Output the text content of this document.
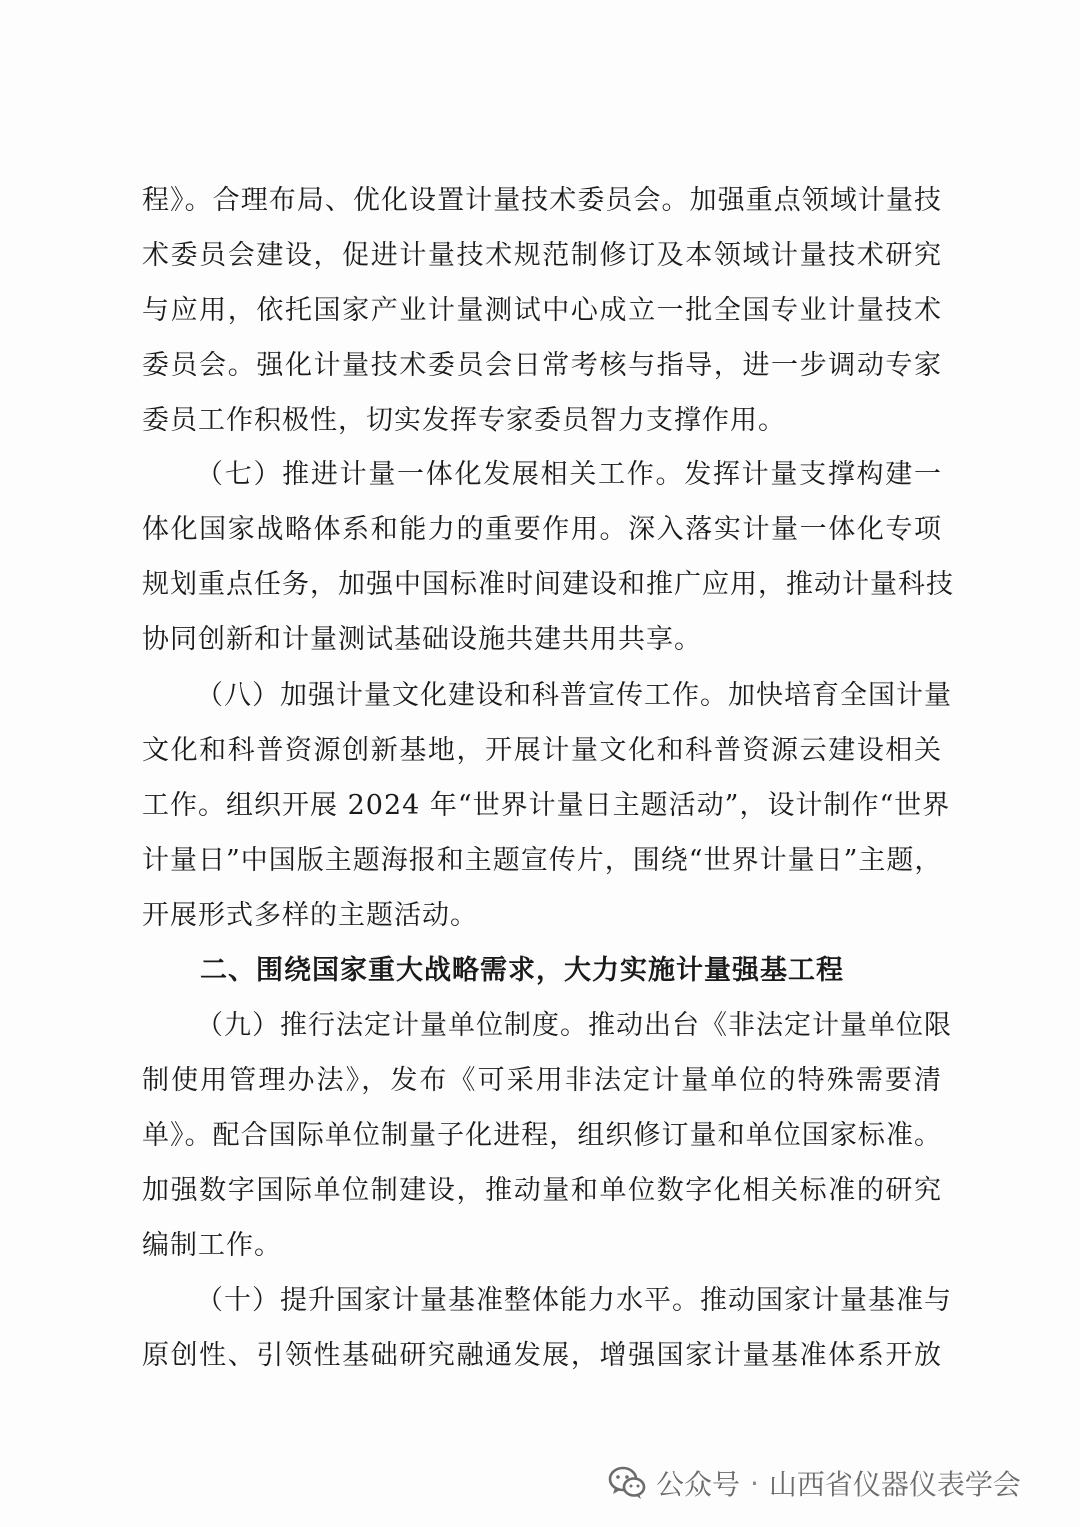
程》。合理布局、优化设置计量技术委员会。加强重点领域计量技
术委员会建设，促进计量技术规范制修订及本领域计量技术研究
与应用，依托国家产业计量测试中心成立一批全国专业计量技术
委员会。强化计量技术委员会日常考核与指导，进一步调动专家
委员工作积极性，切实发挥专家委员智力支撑作用。
（七）推进计量一体化发展相关工作。发挥计量支撑构建一
体化国家战略体系和能力的重要作用。深入落实计量一体化专项
规划重点任务，加强中国标准时间建设和推广应用，推动计量科技
协同创新和计量测试基础设施共建共用共享。
（八）加强计量文化建设和科普宣传工作。加快培育全国计量
文化和科普资源创新基地，开展计量文化和科普资源云建设相关
工作。组织开展 2024 年“世界计量日主题活动”，设计制作“世界
计量日”中国版主题海报和主题宣传片，围绕“世界计量日”主题，
开展形式多样的主题活动。
二、围绕国家重大战略需求，大力实施计量强基工程
（九）推行法定计量单位制度。推动出台《非法定计量单位限
制使用管理办法》，发布《可采用非法定计量单位的特殊需要清
单》。配合国际单位制量子化进程，组织修订量和单位国家标准。
加强数字国际单位制建设，推动量和单位数字化相关标准的研究
编制工作。
（十）提升国家计量基准整体能力水平。推动国家计量基准与
原创性、引领性基础研究融通发展，增强国家计量基准体系开放
公众号 · 山西省仪器仪表学会
